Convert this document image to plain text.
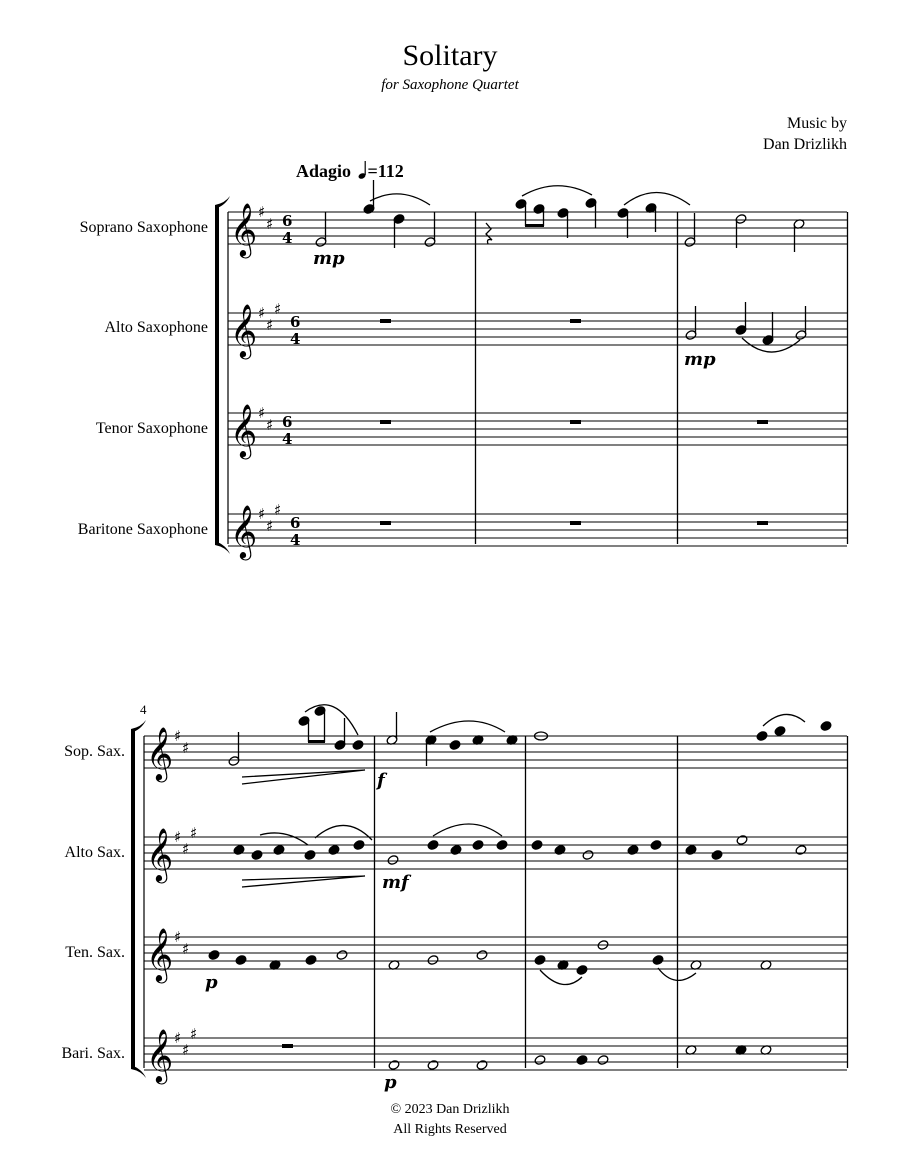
Solitary
for Saxophone Quartet
Music by
Dan Drizlikh
Adagio =112
Soprano Saxophone
Alto Saxophone
Tenor Saxophone
Baritone Saxophone
Sop. Sax.
Alto Sax.
Ten. Sax.
Bari. Sax.
4
mp
mp
f
mf
p
p
© 2023 Dan Drizlikh
All Rights Reserved
𝄞 ♯
♯ 6
4
𝄞 ♯
♯
♯
6
4
𝄞 ♯
♯ 6
4
𝄞 ♯
♯
♯
6
4
𝄞 ♯
♯
𝄞 ♯
♯
♯
𝄞 ♯
♯
𝄞 ♯
♯
♯
